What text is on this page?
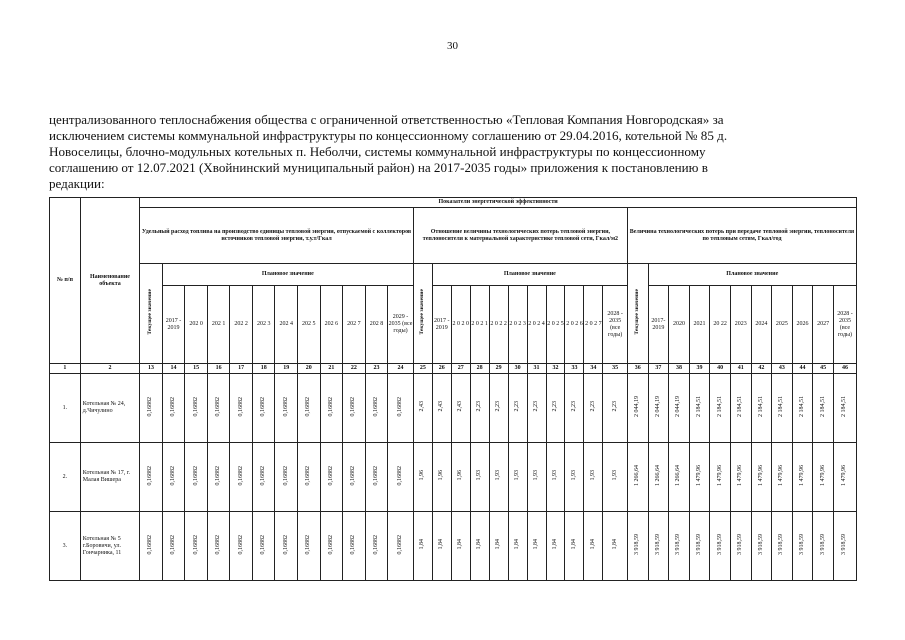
30
централизованного теплоснабжения общества с ограниченной ответственностью «Тепловая Компания Новгородская» за
исключением системы коммунальной инфраструктуры по концессионному соглашению от 29.04.2016, котельной № 85 д.
Новоселицы, блочно-модульных котельных п. Неболчи, системы коммунальной инфраструктуры по концессионному
соглашению от 12.07.2021 (Хвойнинский муниципальный район) на 2017-2035 годы» приложения к постановлению в
редакции:
№ п/п	Наименование объекта	Показатели энергетической эффективности																																	
		Удельный расход топлива на производство единицы тепловой энергии, отпускаемой с коллекторов источников тепловой энергии, т.у.т/Гкал												Отношение величины технологических потерь тепловой энергии, теплоносителя к материальной характеристике тепловой сети, Гкал/м2											Величина технологических потерь при передаче тепловой энергии, теплоносителя по тепловым сетям, Гкал/год										
		Текущее значение	Плановое значение											Текущее значение	Плановое значение										Текущее значение	Плановое значение									
			2017 - 2019	202 0	202 1	202 2	202 3	202 4	202 5	202 6	202 7	202 8	2029 - 2035 (все годы)		2017 - 2019	2 0 2 0	2 0 2 1	2 0 2 2	2 0 2 3	2 0 2 4	2 0 2 5	2 0 2 6	2 0 2 7	2028 - 2035 (все годы)		2017-2019	2020	2021	20 22	2023	2024	2025	2026	2027	2028 - 2035 (все годы)
1	2	13	14	15	16	17	18	19	20	21	22	23	24	25	26	27	28	29	30	31	32	33	34	35	36	37	38	39	40	41	42	43	44	45	46
1.	Котельная № 24, д.Чичулино	0,16882	0,16882	0,16882	0,16882	0,16882	0,16882	0,16882	0,16882	0,16882	0,16882	0,16882	0,16882	2,43	2,43	2,43	2,23	2,23	2,23	2,23	2,23	2,23	2,23	2,23	2 044,19	2 044,19	2 044,19	2 184,51	2 184,51	2 184,51	2 184,51	2 184,51	2 184,51	2 184,51	2 184,51
2.	Котельная № 17, г. Малая Вишера	0,16882	0,16882	0,16882	0,16882	0,16882	0,16882	0,16882	0,16882	0,16882	0,16882	0,16882	0,16882	1,96	1,96	1,96	1,93	1,93	1,93	1,93	1,93	1,93	1,93	1,93	1 266,64	1 266,64	1 266,64	1 479,96	1 479,96	1 479,96	1 479,96	1 479,96	1 479,96	1 479,96	1 479,96
3.	Котельная № 5 г.Боровичи, ул. Гончарника, 11	0,16882	0,16882	0,16882	0,16882	0,16882	0,16882	0,16882	0,16882	0,16882	0,16882	0,16882	0,16882	1,84	1,84	1,84	1,84	1,84	1,84	1,84	1,84	1,84	1,84	1,84	3 918,59	3 918,59	3 918,59	3 918,59	3 918,59	3 918,59	3 918,59	3 918,59	3 918,59	3 918,59	3 918,59
